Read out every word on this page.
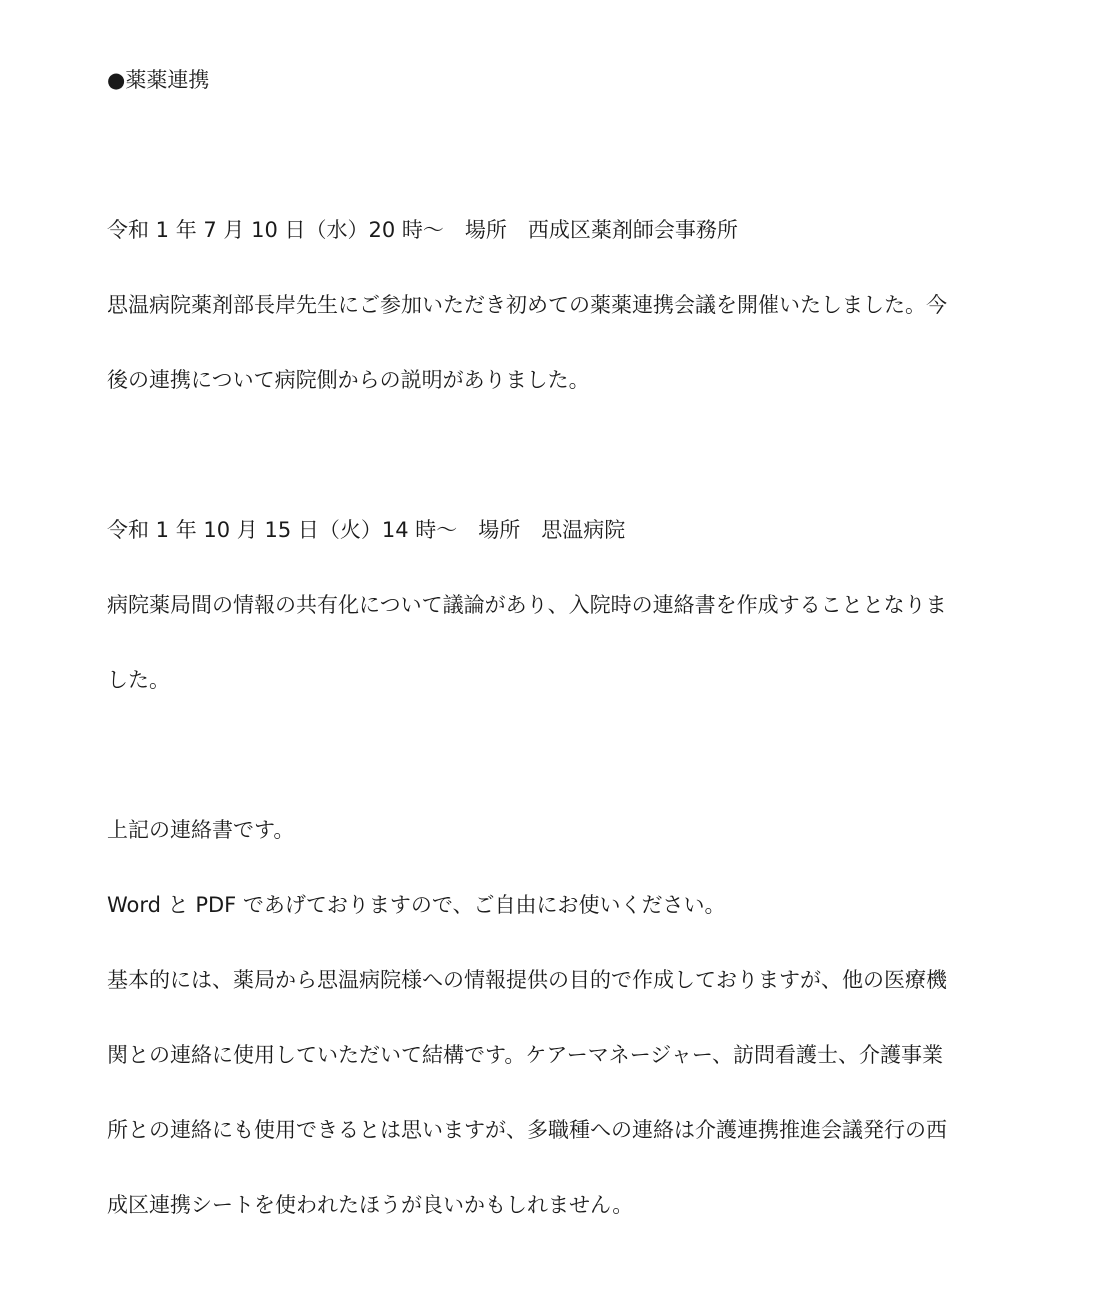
●薬薬連携
令和 1 年 7 月 10 日（水）20 時～　場所　西成区薬剤師会事務所
思温病院薬剤部長岸先生にご参加いただき初めての薬薬連携会議を開催いたしました。今
後の連携について病院側からの説明がありました。
令和 1 年 10 月 15 日（火）14 時～　場所　思温病院
病院薬局間の情報の共有化について議論があり、入院時の連絡書を作成することとなりま
した。
上記の連絡書です。
Word と PDF であげておりますので、ご自由にお使いください。
基本的には、薬局から思温病院様への情報提供の目的で作成しておりますが、他の医療機
関との連絡に使用していただいて結構です。ケアーマネージャー、訪問看護士、介護事業
所との連絡にも使用できるとは思いますが、多職種への連絡は介護連携推進会議発行の西
成区連携シートを使われたほうが良いかもしれません。
